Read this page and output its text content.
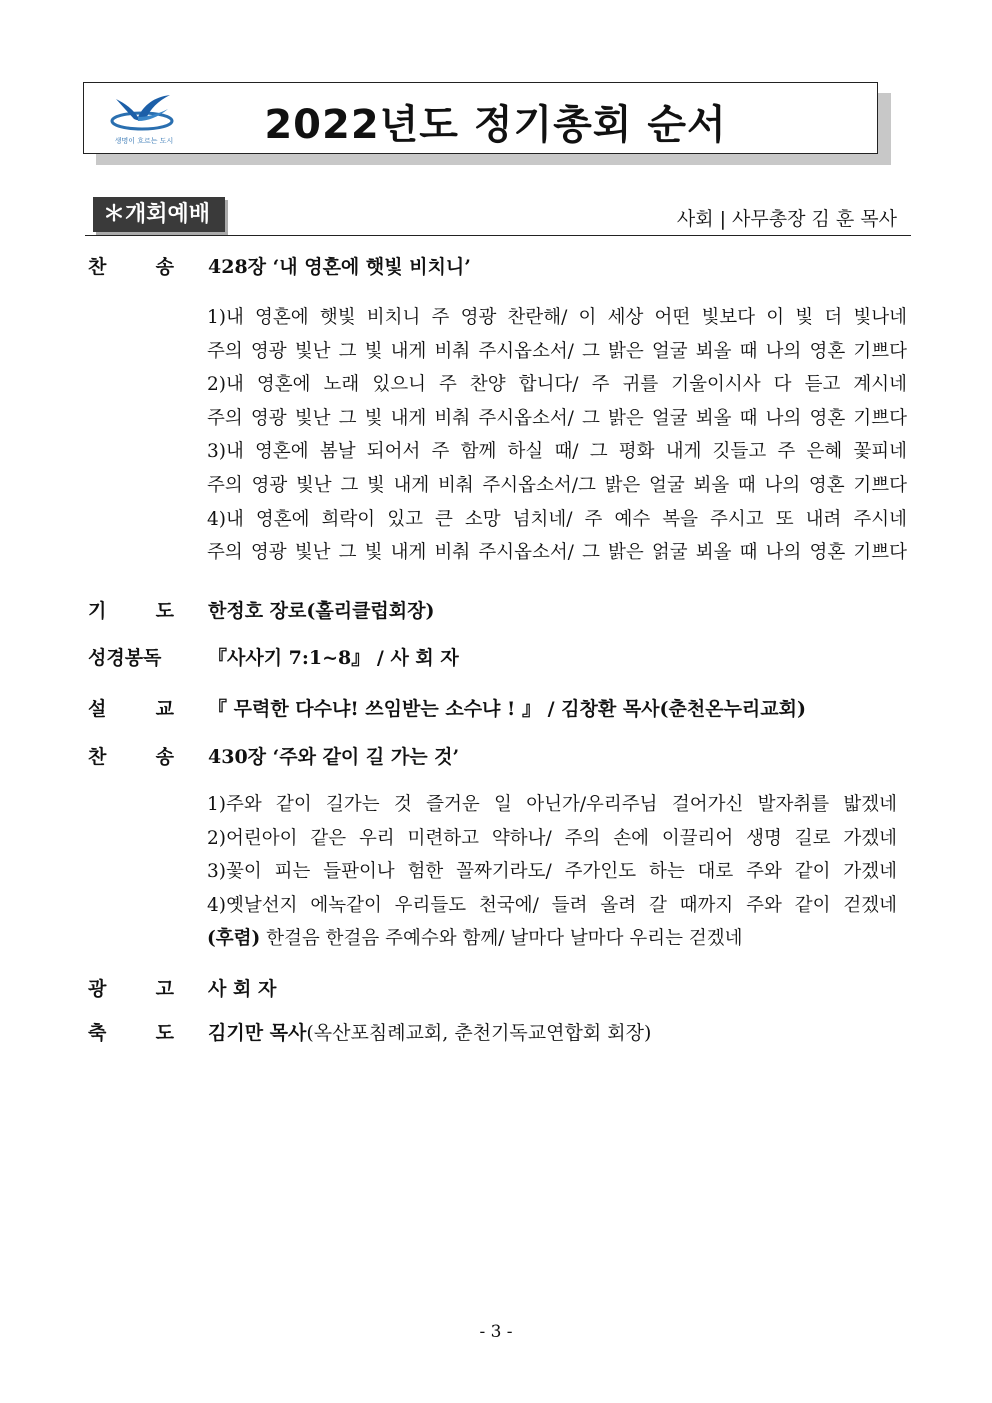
생명이 흐르는 도시	2022년도 정기총회 순서
＊개회예배	사회 | 사무총장 김 훈 목사
찬	송 428장 ‘내 영혼에 햇빛 비치니’
1)내 영혼에 햇빛 비치니 주 영광 찬란해/ 이 세상 어떤 빛보다 이 빛 더 빛나네
주의 영광 빛난 그 빛 내게 비춰 주시옵소서/ 그 밝은 얼굴 뵈올 때 나의 영혼 기쁘다
2)내 영혼에 노래 있으니 주 찬양 합니다/ 주 귀를 기울이시사 다 듣고 계시네
주의 영광 빛난 그 빛 내게 비춰 주시옵소서/ 그 밝은 얼굴 뵈올 때 나의 영혼 기쁘다
3)내 영혼에 봄날 되어서 주 함께 하실 때/ 그 평화 내게 깃들고 주 은혜 꽃피네
주의 영광 빛난 그 빛 내게 비춰 주시옵소서/그 밝은 얼굴 뵈올 때 나의 영혼 기쁘다
4)내 영혼에 희락이 있고 큰 소망 넘치네/ 주 예수 복을 주시고 또 내려 주시네
주의 영광 빛난 그 빛 내게 비춰 주시옵소서/ 그 밝은 얽굴 뵈올 때 나의 영혼 기쁘다
기	도 한정호 장로(홀리클럽회장)
성경봉독	『사사기 7:1~8』 / 사 회 자
설	교 『 무력한 다수냐! 쓰임받는 소수냐 ! 』 / 김창환 목사(춘천온누리교회)
찬	송 430장 ‘주와 같이 길 가는 것’
1)주와 같이 길가는 것 즐거운 일 아닌가/우리주님 걸어가신 발자취를 밟겠네
2)어린아이 같은 우리 미련하고 약하나/ 주의 손에 이끌리어 생명 길로 가겠네
3)꽃이 피는 들판이나 험한 꼴짜기라도/ 주가인도 하는 대로 주와 같이 가겠네
4)옛날선지 에녹같이 우리들도 천국에/ 들려 올려 갈 때까지 주와 같이 걷겠네
(후렴) 한걸음 한걸음 주예수와 함께/ 날마다 날마다 우리는 걷겠네
광	고 사 회 자
축	도 김기만 목사(옥산포침례교회, 춘천기독교연합회 회장)
- 3 -
